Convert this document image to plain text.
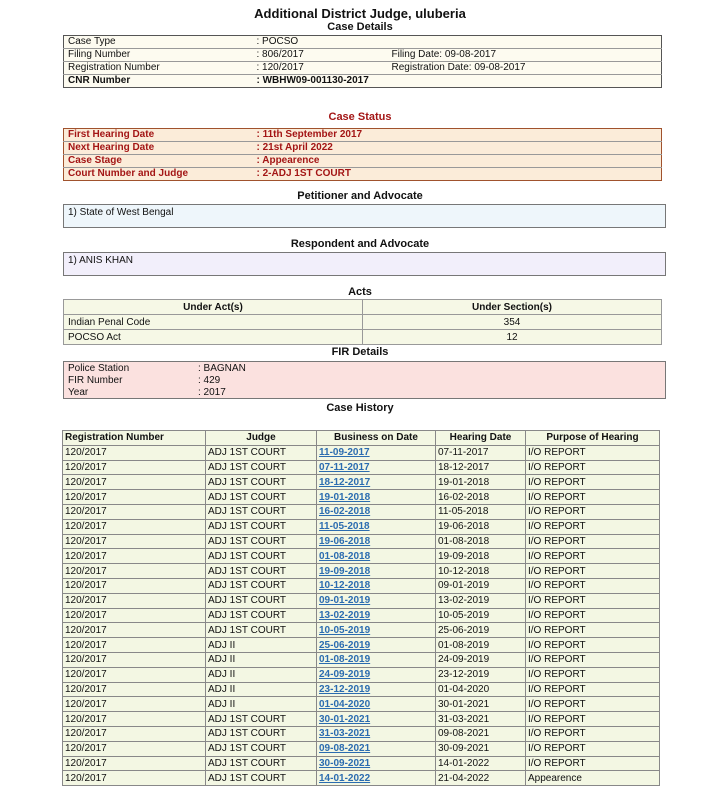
Additional District Judge, uluberia
Case Details
Case Type	: POCSO	
Filing Number	: 806/2017	Filing Date: 09-08-2017
Registration Number	: 120/2017	Registration Date: 09-08-2017
CNR Number	: WBHW09-001130-2017	
Case Status
First Hearing Date	: 11th September 2017
Next Hearing Date	: 21st April 2022
Case Stage	: Appearence
Court Number and Judge	: 2-ADJ 1ST COURT
Petitioner and Advocate
1) State of West Bengal
Respondent and Advocate
1) ANIS KHAN
Acts
Under Act(s)	Under Section(s)
Indian Penal Code	354
POCSO Act	12
FIR Details
Police Station	: BAGNAN
FIR Number	: 429
Year	: 2017
Case History
Registration Number	Judge	Business on Date	Hearing Date	Purpose of Hearing
120/2017	ADJ 1ST COURT	11-09-2017	07-11-2017	I/O REPORT
120/2017	ADJ 1ST COURT	07-11-2017	18-12-2017	I/O REPORT
120/2017	ADJ 1ST COURT	18-12-2017	19-01-2018	I/O REPORT
120/2017	ADJ 1ST COURT	19-01-2018	16-02-2018	I/O REPORT
120/2017	ADJ 1ST COURT	16-02-2018	11-05-2018	I/O REPORT
120/2017	ADJ 1ST COURT	11-05-2018	19-06-2018	I/O REPORT
120/2017	ADJ 1ST COURT	19-06-2018	01-08-2018	I/O REPORT
120/2017	ADJ 1ST COURT	01-08-2018	19-09-2018	I/O REPORT
120/2017	ADJ 1ST COURT	19-09-2018	10-12-2018	I/O REPORT
120/2017	ADJ 1ST COURT	10-12-2018	09-01-2019	I/O REPORT
120/2017	ADJ 1ST COURT	09-01-2019	13-02-2019	I/O REPORT
120/2017	ADJ 1ST COURT	13-02-2019	10-05-2019	I/O REPORT
120/2017	ADJ 1ST COURT	10-05-2019	25-06-2019	I/O REPORT
120/2017	ADJ II	25-06-2019	01-08-2019	I/O REPORT
120/2017	ADJ II	01-08-2019	24-09-2019	I/O REPORT
120/2017	ADJ II	24-09-2019	23-12-2019	I/O REPORT
120/2017	ADJ II	23-12-2019	01-04-2020	I/O REPORT
120/2017	ADJ II	01-04-2020	30-01-2021	I/O REPORT
120/2017	ADJ 1ST COURT	30-01-2021	31-03-2021	I/O REPORT
120/2017	ADJ 1ST COURT	31-03-2021	09-08-2021	I/O REPORT
120/2017	ADJ 1ST COURT	09-08-2021	30-09-2021	I/O REPORT
120/2017	ADJ 1ST COURT	30-09-2021	14-01-2022	I/O REPORT
120/2017	ADJ 1ST COURT	14-01-2022	21-04-2022	Appearence
